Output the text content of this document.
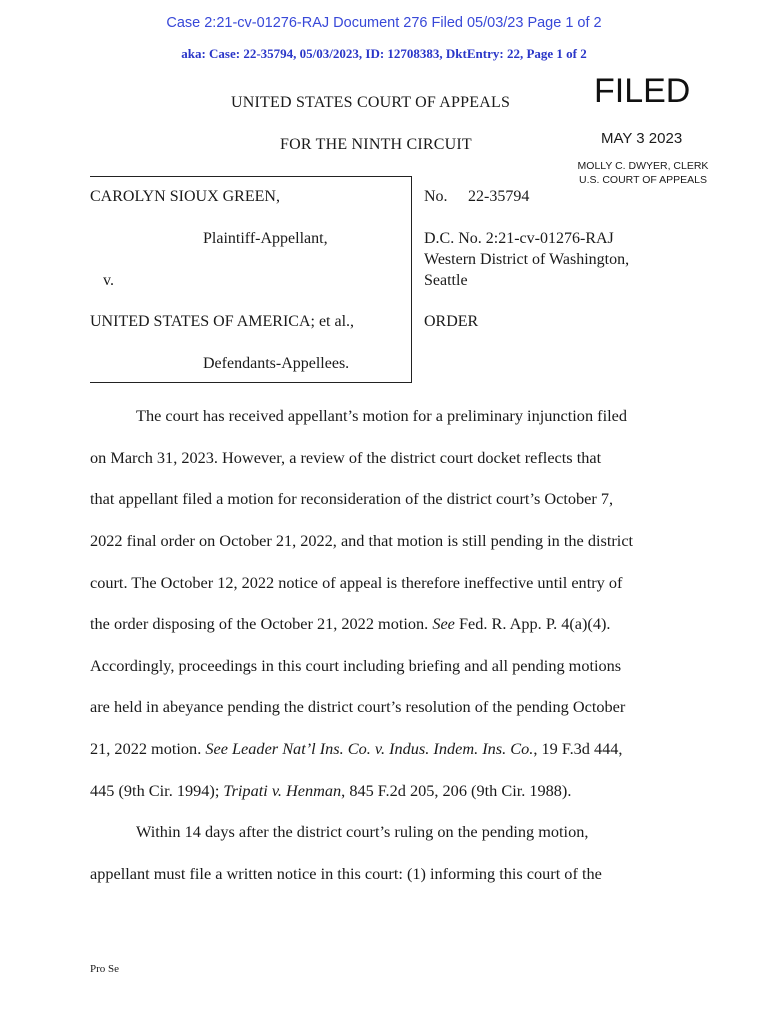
Case 2:21-cv-01276-RAJ Document 276 Filed 05/03/23 Page 1 of 2
aka: Case: 22-35794, 05/03/2023, ID: 12708383, DktEntry: 22, Page 1 of 2
UNITED STATES COURT OF APPEALS
FOR THE NINTH CIRCUIT
FILED
MAY 3 2023
MOLLY C. DWYER, CLERK
U.S. COURT OF APPEALS
CAROLYN SIOUX GREEN,
Plaintiff-Appellant,
v.
UNITED STATES OF AMERICA; et al.,
Defendants-Appellees.
No. 22-35794
D.C. No. 2:21-cv-01276-RAJ
Western District of Washington,
Seattle
ORDER
The court has received appellant’s motion for a preliminary injunction filed
on March 31, 2023. However, a review of the district court docket reflects that
that appellant filed a motion for reconsideration of the district court’s October 7,
2022 final order on October 21, 2022, and that motion is still pending in the district
court. The October 12, 2022 notice of appeal is therefore ineffective until entry of
the order disposing of the October 21, 2022 motion. See Fed. R. App. P. 4(a)(4).
Accordingly, proceedings in this court including briefing and all pending motions
are held in abeyance pending the district court’s resolution of the pending October
21, 2022 motion. See Leader Nat’l Ins. Co. v. Indus. Indem. Ins. Co., 19 F.3d 444,
445 (9th Cir. 1994); Tripati v. Henman, 845 F.2d 205, 206 (9th Cir. 1988).
Within 14 days after the district court’s ruling on the pending motion,
appellant must file a written notice in this court: (1) informing this court of the
Pro Se
